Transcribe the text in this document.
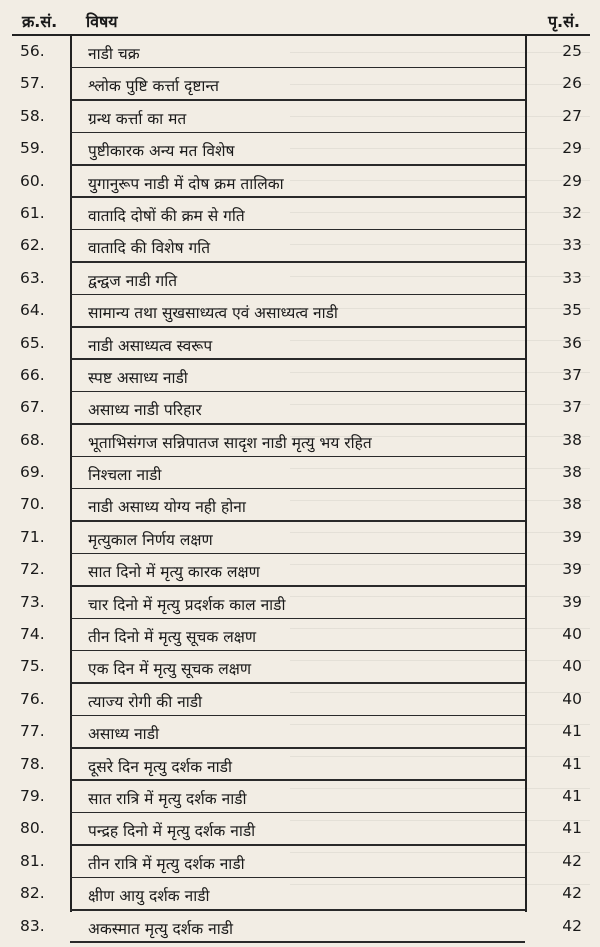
क्र.सं. विषय	पृ.सं.
56.	नाडी चक्र	25
57.	श्लोक पुष्टि कर्त्ता दृष्टान्त	26
58.	ग्रन्थ कर्त्ता का मत	27
59.	पुष्टीकारक अन्य मत विशेष	29
60.	युगानुरूप नाडी में दोष क्रम तालिका	29
61.	वातादि दोषों की क्रम से गति	32
62.	वातादि की विशेष गति	33
63.	द्वन्द्वज नाडी गति	33
64.	सामान्य तथा सुखसाध्यत्व एवं असाध्यत्व नाडी	35
65.	नाडी असाध्यत्व स्वरूप	36
66.	स्पष्ट असाध्य नाडी	37
67.	असाध्य नाडी परिहार	37
68.	भूताभिसंगज सन्निपातज सादृश नाडी मृत्यु भय रहित	38
69.	निश्चला नाडी	38
70.	नाडी असाध्य योग्य नही होना	38
71.	मृत्युकाल निर्णय लक्षण	39
72.	सात दिनो में मृत्यु कारक लक्षण	39
73.	चार दिनो में मृत्यु प्रदर्शक काल नाडी	39
74.	तीन दिनो में मृत्यु सूचक लक्षण	40
75.	एक दिन में मृत्यु सूचक लक्षण	40
76.	त्याज्य रोगी की नाडी	40
77.	असाध्य नाडी	41
78.	दूसरे दिन मृत्यु दर्शक नाडी	41
79.	सात रात्रि में मृत्यु दर्शक नाडी	41
80.	पन्द्रह दिनो में मृत्यु दर्शक नाडी	41
81.	तीन रात्रि में मृत्यु दर्शक नाडी	42
82.	क्षीण आयु दर्शक नाडी	42
83.	अकस्मात मृत्यु दर्शक नाडी	42
